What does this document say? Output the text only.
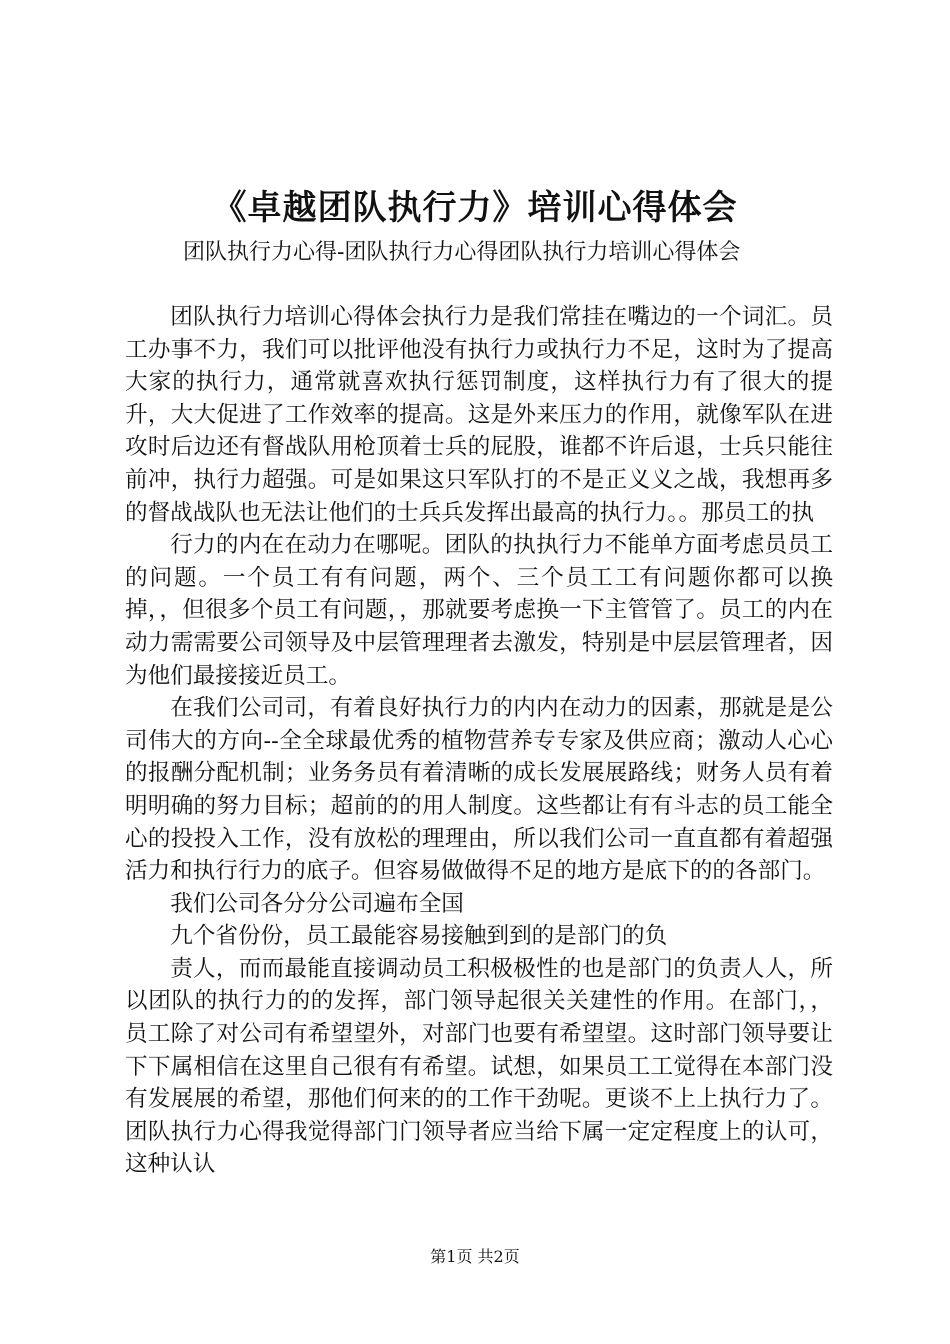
《卓越团队执行力》培训心得体会

团队执行力心得-团队执行力心得团队执行力培训心得体会

团队执行力培训心得体会执行力是我们常挂在嘴边的一个词汇。员工办事不力，我们可以批评他没有执行力或执行力不足，这时为了提高大家的执行力，通常就喜欢执行惩罚制度，这样执行力有了很大的提升，大大促进了工作效率的提高。这是外来压力的作用，就像军队在进攻时后边还有督战队用枪顶着士兵的屁股，谁都不许后退，士兵只能往前冲，执行力超强。可是如果这只军队打的不是正义义之战，我想再多的督战战队也无法让他们的士兵兵发挥出最高的执行力。。那员工的执

行力的内在在动力在哪呢。团队的执执行力不能单方面考虑员员工的问题。一个员工有有问题，两个、三个员工工有问题你都可以换掉，，但很多个员工有问题，，那就要考虑换一下主管管了。员工的内在动力需需要公司领导及中层管理理者去激发，特别是中层层管理者，因为他们最接接近员工。

在我们公司司，有着良好执行力的内内在动力的因素，那就是是公司伟大的方向--全全球最优秀的植物营养专专家及供应商；激动人心心的报酬分配机制；业务务员有着清晰的成长发展展路线；财务人员有着明明确的努力目标；超前的的用人制度。这些都让有有斗志的员工能全心的投投入工作，没有放松的理理由，所以我们公司一直直都有着超强活力和执行行力的底子。但容易做做得不足的地方是底下的的各部门。

我们公司各分分公司遍布全国

九个省份份，员工最能容易接触到到的是部门的负

责人，而而最能直接调动员工积极极性的也是部门的负责人人，所以团队的执行力的的发挥，部门领导起很关关建性的作用。在部门，，员工除了对公司有希望望外，对部门也要有希望望。这时部门领导要让下下属相信在这里自己很有有希望。试想，如果员工工觉得在本部门没有发展展的希望，那他们何来的的工作干劲呢。更谈不上上执行力了。团队执行力心得我觉得部门门领导者应当给下属一定定程度上的认可，这种认认

第1页 共2页
